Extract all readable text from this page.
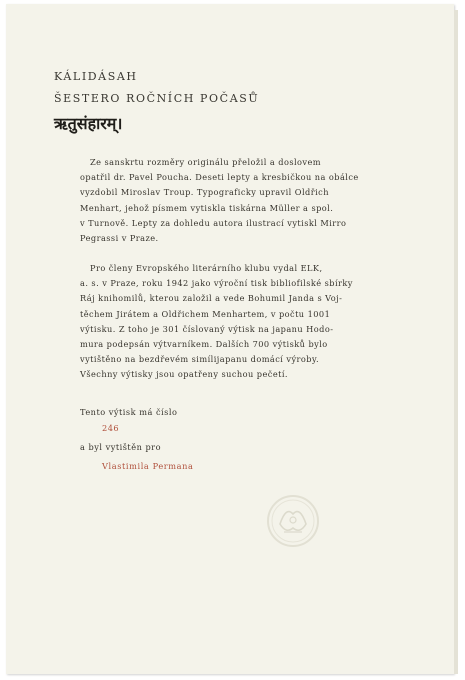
KÁLIDÁSAH
ŠESTERO ROČNÍCH POČASŮ
ऋतुसंहारम्।
Ze sanskrtu rozměry originálu přeložil a doslovem
opatřil dr. Pavel Poucha. Deseti lepty a kresbičkou na obálce
vyzdobil Miroslav Troup. Typograficky upravil Oldřich
Menhart, jehož písmem vytiskla tiskárna Müller a spol.
v Turnově. Lepty za dohledu autora ilustrací vytiskl Mirro
Pegrassi v Praze.
Pro členy Evropského literárního klubu vydal ELK,
a. s. v Praze, roku 1942 jako výroční tisk bibliofilské sbírky
Ráj knihomilů, kterou založil a vede Bohumil Janda s Voj-
těchem Jirátem a Oldřichem Menhartem, v počtu 1001
výtisku. Z toho je 301 číslovaný výtisk na japanu Hodo-
mura podepsán výtvarníkem. Dalších 700 výtisků bylo
vytištěno na bezdřevém simílijapanu domácí výroby.
Všechny výtisky jsou opatřeny suchou pečetí.
Tento výtisk má číslo
246
a byl vytištěn pro
Vlastimila Permana
